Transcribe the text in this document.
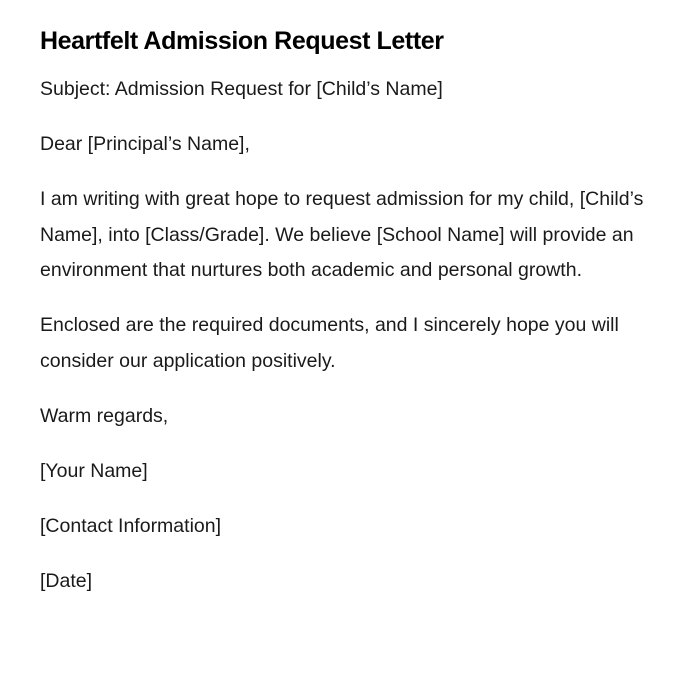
Heartfelt Admission Request Letter

Subject: Admission Request for [Child’s Name]

Dear [Principal’s Name],

I am writing with great hope to request admission for my child, [Child’s Name], into [Class/Grade]. We believe [School Name] will provide an environment that nurtures both academic and personal growth.

Enclosed are the required documents, and I sincerely hope you will consider our application positively.

Warm regards,

[Your Name]

[Contact Information]

[Date]
